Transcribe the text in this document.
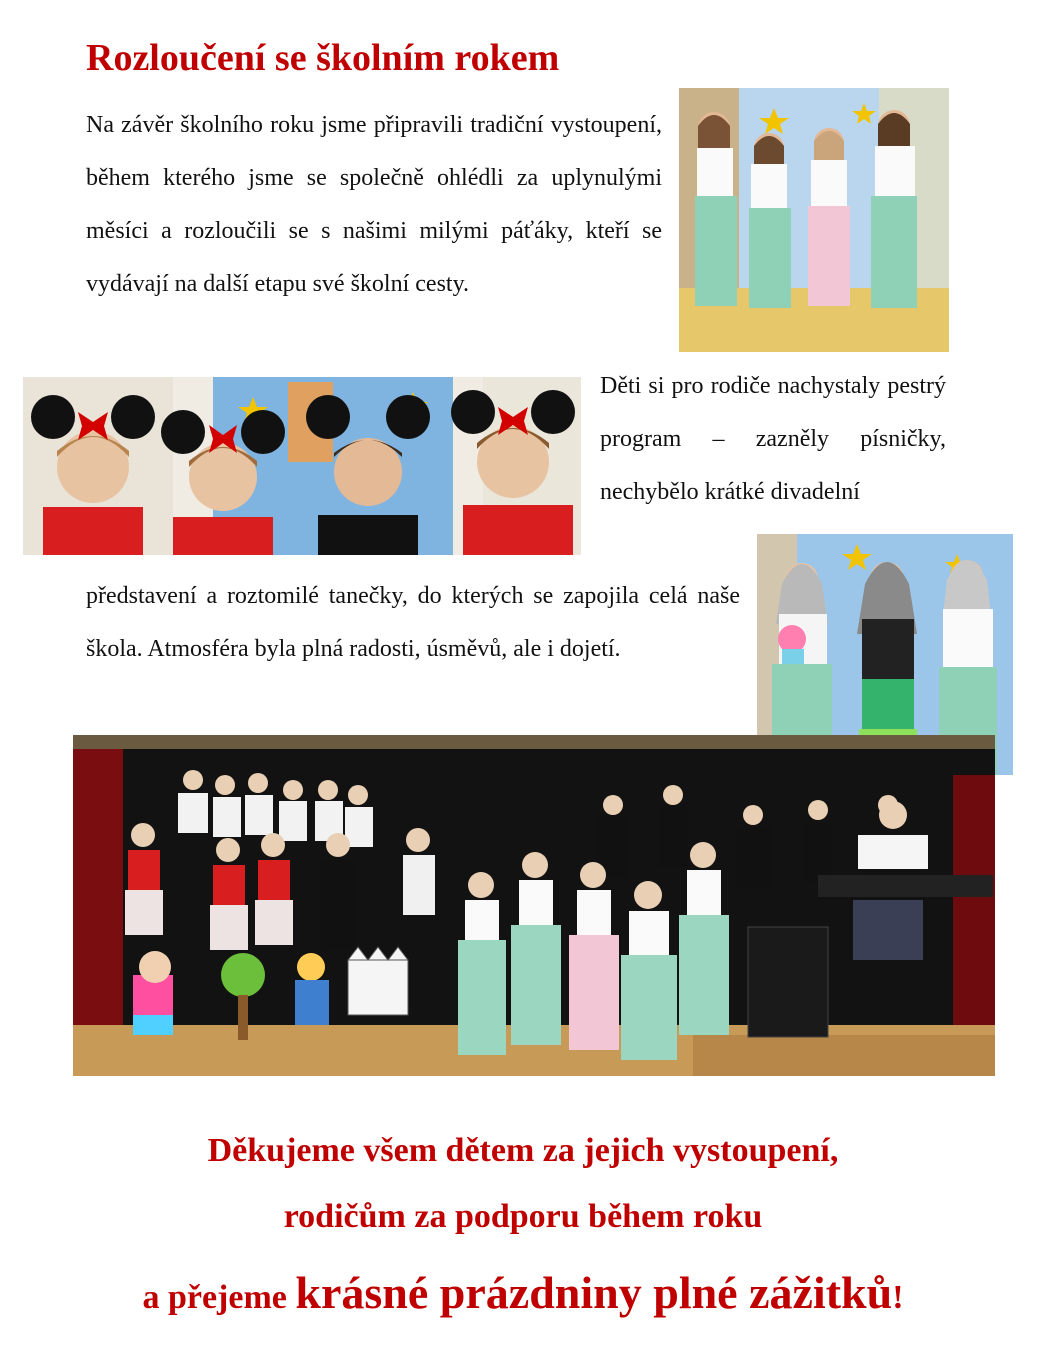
Rozloučení se školním rokem

Na závěr školního roku jsme připravili tradiční vystoupení, během kterého jsme se společně ohlédli za uplynulými měsíci a rozloučili se s našimi milými páťáky, kteří se vydávají na další etapu své školní cesty.

Děti si pro rodiče nachystaly pestrý program – zazněly písničky, nechybělo krátké divadelní

představení a roztomilé tanečky, do kterých se zapojila celá naše škola. Atmosféra byla plná radosti, úsměvů, ale i dojetí.

Děkujeme všem dětem za jejich vystoupení,

rodičům za podporu během roku

a přejeme krásné prázdniny plné zážitků!
